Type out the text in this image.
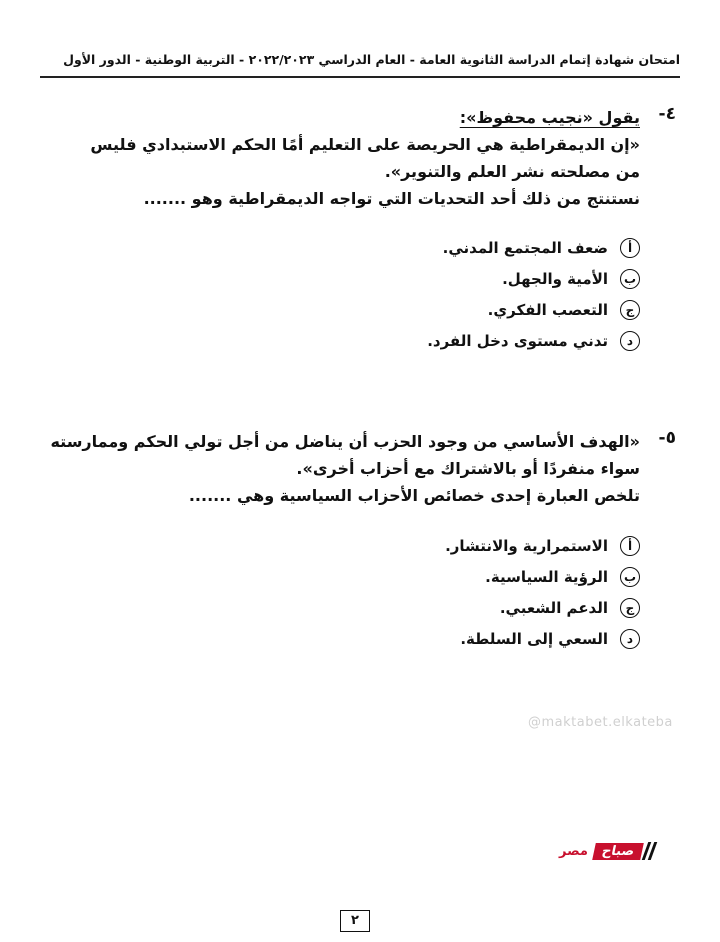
امتحان شهادة إتمام الدراسة الثانوية العامة - العام الدراسي ٢٠٢٢/٢٠٢٣ - التربية الوطنية - الدور الأول
٤-
يقول «نجيب محفوظ»:
«إن الديمقراطية هي الحريصة على التعليم أمًا الحكم الاستبدادي فليس
من مصلحته نشر العلم والتنوير».
نستنتج من ذلك أحد التحديات التي تواجه الديمقراطية وهو .......
أ
ضعف المجتمع المدني.
ب
الأمية والجهل.
ج
التعصب الفكري.
د
تدني مستوى دخل الفرد.
٥-
«الهدف الأساسي من وجود الحزب أن يناضل من أجل تولي الحكم وممارسته
سواء منفردًا أو بالاشتراك مع أحزاب أخرى».
تلخص العبارة إحدى خصائص الأحزاب السياسية وهي .......
أ
الاستمرارية والانتشار.
ب
الرؤية السياسية.
ج
الدعم الشعبي.
د
السعي إلى السلطة.
@maktabet.elkateba
صباح
مصر
٢
